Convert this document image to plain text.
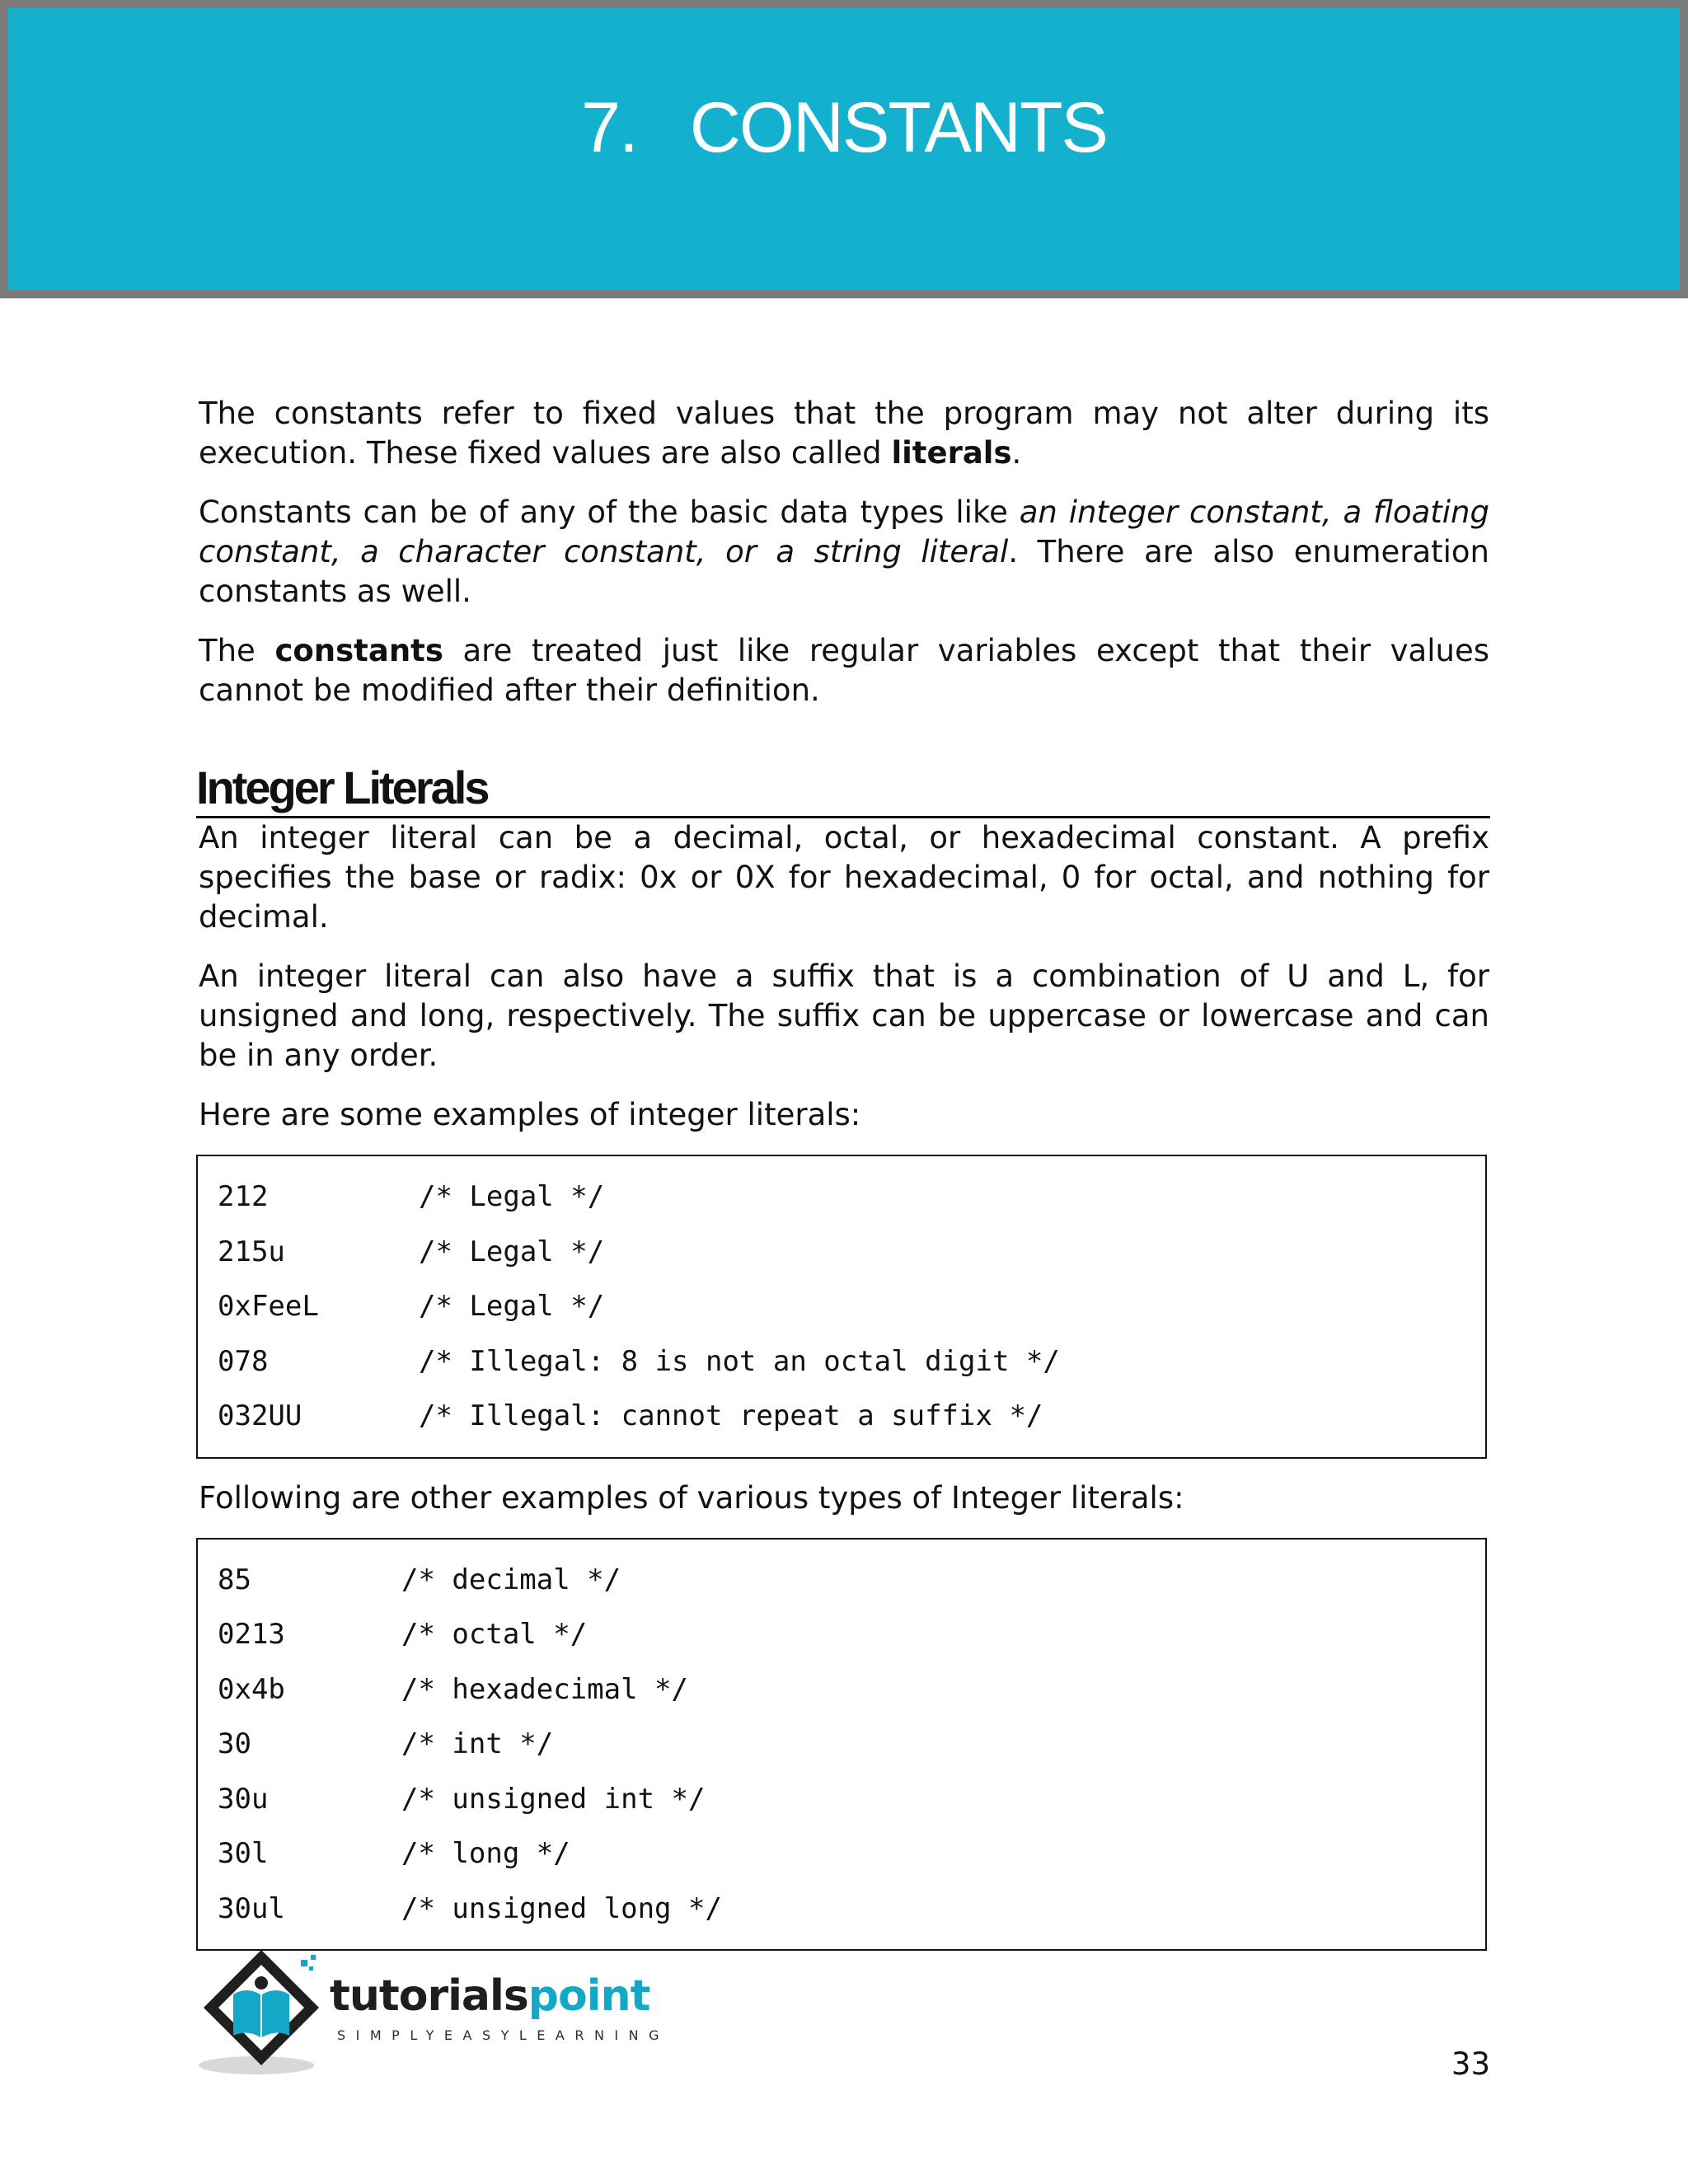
7. CONSTANTS

The constants refer to fixed values that the program may not alter during its execution. These fixed values are also called literals.

Constants can be of any of the basic data types like an integer constant, a floating constant, a character constant, or a string literal. There are also enumeration constants as well.

The constants are treated just like regular variables except that their values cannot be modified after their definition.

Integer Literals

An integer literal can be a decimal, octal, or hexadecimal constant. A prefix specifies the base or radix: 0x or 0X for hexadecimal, 0 for octal, and nothing for decimal.

An integer literal can also have a suffix that is a combination of U and L, for unsigned and long, respectively. The suffix can be uppercase or lowercase and can be in any order.

Here are some examples of integer literals:

212	/* Legal */
215u	/* Legal */
0xFeeL	/* Legal */
078	/* Illegal: 8 is not an octal digit */
032UU	/* Illegal: cannot repeat a suffix */

Following are other examples of various types of Integer literals:

85	/* decimal */
0213	/* octal */
0x4b	/* hexadecimal */
30	/* int */
30u	/* unsigned int */
30l	/* long */
30ul	/* unsigned long */
tutorialspoint
SIMPLYEASYLEARNING
33
